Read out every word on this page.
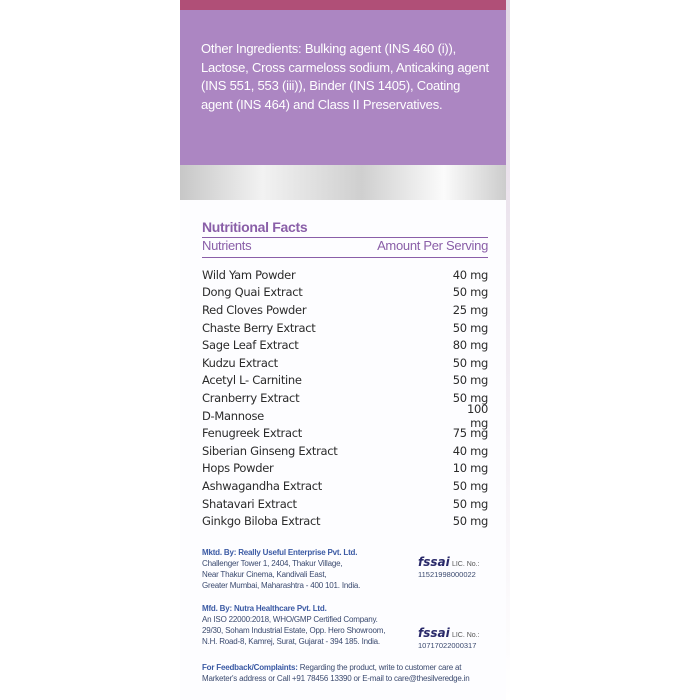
Other Ingredients: Bulking agent (INS 460 (i)), Lactose, Cross carmeloss sodium, Anticaking agent (INS 551, 553 (iii)), Binder (INS 1405), Coating agent (INS 464) and Class II Preservatives.
Nutritional Facts
Nutrients	Amount Per Serving
Wild Yam Powder	40 mg
Dong Quai Extract	50 mg
Red Cloves Powder	25 mg
Chaste Berry Extract	50 mg
Sage Leaf Extract	80 mg
Kudzu Extract	50 mg
Acetyl L- Carnitine	50 mg
Cranberry Extract	50 mg
D-Mannose	100 mg
Fenugreek Extract	75 mg
Siberian Ginseng Extract	40 mg
Hops Powder	10 mg
Ashwagandha Extract	50 mg
Shatavari Extract	50 mg
Ginkgo Biloba Extract	50 mg
Mktd. By: Really Useful Enterprise Pvt. Ltd.
Challenger Tower 1, 2404, Thakur Village,
Near Thakur Cinema, Kandivali East,
Greater Mumbai, Maharashtra - 400 101. India.
fssai LIC. No.:
11521998000022
Mfd. By: Nutra Healthcare Pvt. Ltd.
An ISO 22000:2018, WHO/GMP Certified Company.
29/30, Soham Industrial Estate, Opp. Hero Showroom,
N.H. Road-8, Kamrej, Surat, Gujarat - 394 185. India.
fssai LIC. No.:
10717022000317
For Feedback/Complaints: Regarding the product, write to customer care at
Marketer's address or Call +91 78456 13390 or E-mail to care@thesilveredge.in
